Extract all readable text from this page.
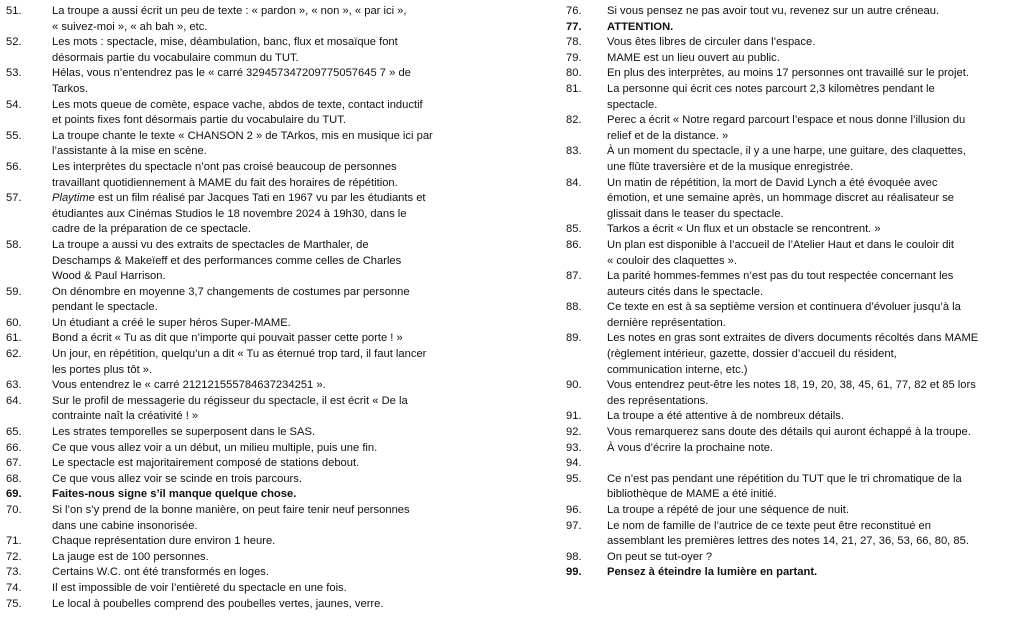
51.	La troupe a aussi écrit un peu de texte : « pardon », « non », « par ici »,
« suivez-moi », « ah bah », etc.
52.	Les mots : spectacle, mise, déambulation, banc, flux et mosaïque font
désormais partie du vocabulaire commun du TUT.
53.	Hélas, vous n’entendrez pas le « carré 329457347209775057645 7 » de
Tarkos.
54.	Les mots queue de comète, espace vache, abdos de texte, contact inductif
et points fixes font désormais partie du vocabulaire du TUT.
55.	La troupe chante le texte « CHANSON 2 » de TArkos, mis en musique ici par
l’assistante à la mise en scène.
56.	Les interprètes du spectacle n’ont pas croisé beaucoup de personnes
travaillant quotidiennement à MAME du fait des horaires de répétition.
57.	Playtime est un film réalisé par Jacques Tati en 1967 vu par les étudiants et
étudiantes aux Cinémas Studios le 18 novembre 2024 à 19h30, dans le
cadre de la préparation de ce spectacle.
58.	La troupe a aussi vu des extraits de spectacles de Marthaler, de
Deschamps & Makeïeff et des performances comme celles de Charles
Wood & Paul Harrison.
59.	On dénombre en moyenne 3,7 changements de costumes par personne
pendant le spectacle.
60.	Un étudiant a créé le super héros Super-MAME.
61.	Bond a écrit « Tu as dit que n’importe qui pouvait passer cette porte ! »
62.	Un jour, en répétition, quelqu’un a dit « Tu as éternué trop tard, il faut lancer
les portes plus tôt ».
63.	Vous entendrez le « carré 212121555784637234251 ».
64.	Sur le profil de messagerie du régisseur du spectacle, il est écrit « De la
contrainte naît la créativité ! »
65.	Les strates temporelles se superposent dans le SAS.
66.	Ce que vous allez voir a un début, un milieu multiple, puis une fin.
67.	Le spectacle est majoritairement composé de stations debout.
68.	Ce que vous allez voir se scinde en trois parcours.
69.	Faites-nous signe s’il manque quelque chose.
70.	Si l’on s’y prend de la bonne manière, on peut faire tenir neuf personnes
dans une cabine insonorisée.
71.	Chaque représentation dure environ 1 heure.
72.	La jauge est de 100 personnes.
73.	Certains W.C. ont été transformés en loges.
74.	Il est impossible de voir l’entièreté du spectacle en une fois.
75.	Le local à poubelles comprend des poubelles vertes, jaunes, verre.
76.	Si vous pensez ne pas avoir tout vu, revenez sur un autre créneau.
77.	ATTENTION.
78.	Vous êtes libres de circuler dans l’espace.
79.	MAME est un lieu ouvert au public.
80.	En plus des interprètes, au moins 17 personnes ont travaillé sur le projet.
81.	La personne qui écrit ces notes parcourt 2,3 kilomètres pendant le
spectacle.
82.	Perec a écrit « Notre regard parcourt l’espace et nous donne l’illusion du
relief et de la distance. »
83.	À un moment du spectacle, il y a une harpe, une guitare, des claquettes,
une flûte traversière et de la musique enregistrée.
84.	Un matin de répétition, la mort de David Lynch a été évoquée avec
émotion, et une semaine après, un hommage discret au réalisateur se
glissait dans le teaser du spectacle.
85.	Tarkos a écrit « Un flux et un obstacle se rencontrent. »
86.	Un plan est disponible à l’accueil de l’Atelier Haut et dans le couloir dit
« couloir des claquettes ».
87.	La parité hommes-femmes n’est pas du tout respectée concernant les
auteurs cités dans le spectacle.
88.	Ce texte en est à sa septième version et continuera d’évoluer jusqu’à la
dernière représentation.
89.	Les notes en gras sont extraites de divers documents récoltés dans MAME
(règlement intérieur, gazette, dossier d’accueil du résident,
communication interne, etc.)
90.	Vous entendrez peut-être les notes 18, 19, 20, 38, 45, 61, 77, 82 et 85 lors
des représentations.
91.	La troupe a été attentive à de nombreux détails.
92.	Vous remarquerez sans doute des détails qui auront échappé à la troupe.
93.	À vous d’écrire la prochaine note.
94.
95.	Ce n’est pas pendant une répétition du TUT que le tri chromatique de la
bibliothèque de MAME a été initié.
96.	La troupe a répété de jour une séquence de nuit.
97.	Le nom de famille de l’autrice de ce texte peut être reconstitué en
assemblant les premières lettres des notes 14, 21, 27, 36, 53, 66, 80, 85.
98.	On peut se tut-oyer ?
99.	Pensez à éteindre la lumière en partant.
